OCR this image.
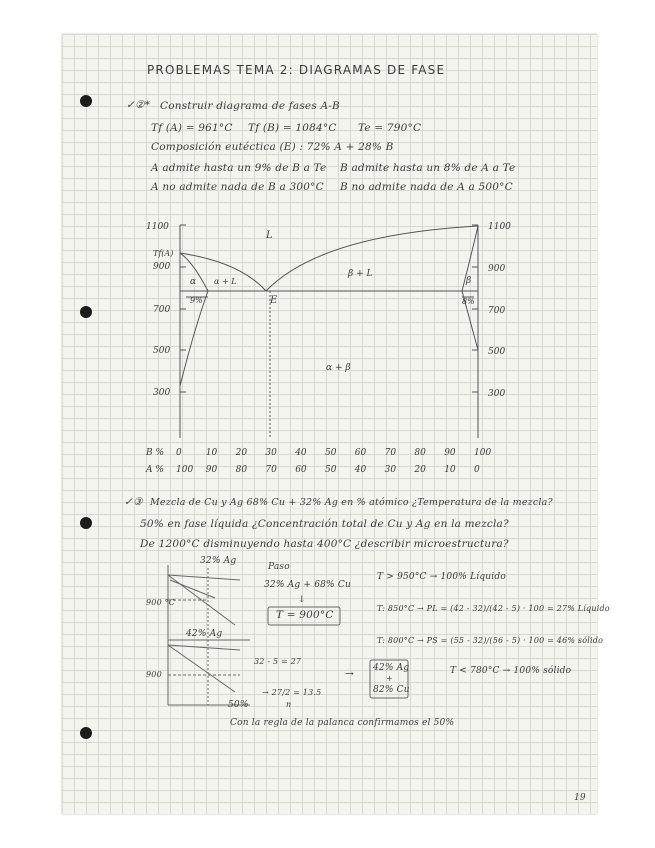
PROBLEMAS TEMA 2: DIAGRAMAS DE FASE
✓②* Construir diagrama de fases A-B
Tf (A) = 961°C Tf (B) = 1084°C Te = 790°C
Composición eutéctica (E) : 72% A + 28% B
A admite hasta un 9% de B a Te B admite hasta un 8% de A a Te
A no admite nada de B a 300°C B no admite nada de A a 500°C
1100
Tf(A)
900
700
500
300
1100
900
700
500
300
L
α + L
β + L
α	β
α + β
E
9%	8%
B %
A %
0
100
10
90
20
80
30
70
40
60
50
50
60
40
70
30
80
20
90
10
100
0
✓③ Mezcla de Cu y Ag 68% Cu + 32% Ag en % atómico ¿Temperatura de la mezcla?
50% en fase líquida ¿Concentración total de Cu y Ag en la mezcla?
De 1200°C disminuyendo hasta 400°C ¿describir microestructura?
32% Ag
900 °C
42% Ag
900
50%
Paso
32% Ag + 68% Cu
↓
T = 900°C
32 - 5 = 27
→ 27/2 = 13.5
n
→ 42% Ag
+
82% Cu
Con la regla de la palanca confirmamos el 50%
T > 950°C → 100% Líquido
T: 850°C → PL = (42 - 32)/(42 - 5) · 100 = 27% Líquido
T: 800°C → PS = (55 - 32)/(56 - 5) · 100 = 46% sólido
T < 780°C → 100% sólido
19
